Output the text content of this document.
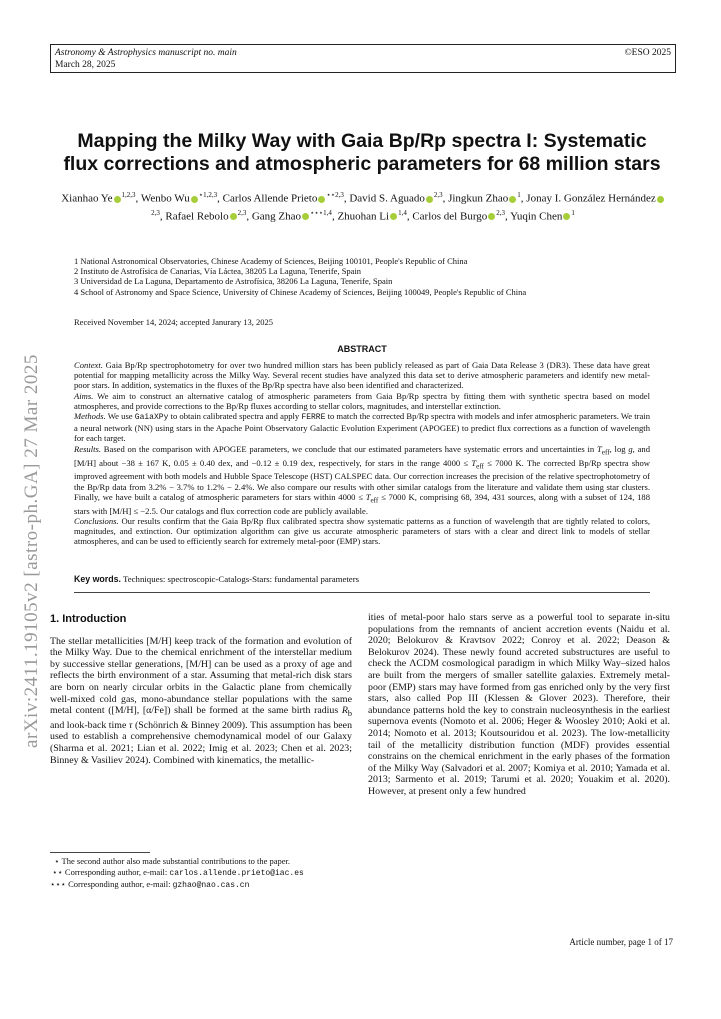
Astronomy & Astrophysics manuscript no. main
March 28, 2025
©ESO 2025
arXiv:2411.19105v2 [astro-ph.GA] 27 Mar 2025
Mapping the Milky Way with Gaia Bp/Rp spectra I: Systematic flux corrections and atmospheric parameters for 68 million stars
Xianhao Ye $^{1,2,3}$, Wenbo Wu $^{⋆1,2,3}$, Carlos Allende Prieto $^{⋆⋆2,3}$, David S. Aguado $^{2,3}$, Jingkun Zhao $^1$, Jonay I. González Hernández$^{2,3}$, Rafael Rebolo $^{2,3}$, Gang Zhao $^{⋆⋆⋆1,4}$, Zhuohan Li $^{1,4}$, Carlos del Burgo $^{2,3}$, Yuqin Chen $^1$
1 National Astronomical Observatories, Chinese Academy of Sciences, Beijing 100101, People's Republic of China
2 Instituto de Astrofísica de Canarias, Vía Láctea, 38205 La Laguna, Tenerife, Spain
3 Universidad de La Laguna, Departamento de Astrofísica, 38206 La Laguna, Tenerife, Spain
4 School of Astronomy and Space Science, University of Chinese Academy of Sciences, Beijing 100049, People's Republic of China
Received November 14, 2024; accepted Janurary 13, 2025
ABSTRACT

Context. Gaia Bp/Rp spectrophotometry for over two hundred million stars has been publicly released as part of Gaia Data Release 3 (DR3). These data have great potential for mapping metallicity across the Milky Way. Several recent studies have analyzed this data set to derive atmospheric parameters and identify new metal-poor stars. In addition, systematics in the fluxes of the Bp/Rp spectra have also been identified and characterized.

Aims. We aim to construct an alternative catalog of atmospheric parameters from Gaia Bp/Rp spectra by fitting them with synthetic spectra based on model atmospheres, and provide corrections to the Bp/Rp fluxes according to stellar colors, magnitudes, and interstellar extinction.

Methods. We use GaiaXPy to obtain calibrated spectra and apply FERRE to match the corrected Bp/Rp spectra with models and infer atmospheric parameters. We train a neural network (NN) using stars in the Apache Point Observatory Galactic Evolution Experiment (APOGEE) to predict flux corrections as a function of wavelength for each target.

Results. Based on the comparison with APOGEE parameters, we conclude that our estimated parameters have systematic errors and uncertainties in $T_{eff}$, log g, and [M/H] about −38 ± 167 K, 0.05 ± 0.40 dex, and −0.12 ± 0.19 dex, respectively, for stars in the range $4000 \le T_{eff} \le 7000$ K. The corrected Bp/Rp spectra show improved agreement with both models and Hubble Space Telescope (HST) CALSPEC data. Our correction increases the precision of the relative spectrophotometry of the Bp/Rp data from 3.2% − 3.7% to 1.2% − 2.4%. We also compare our results with other similar catalogs from the literature and validate them using star clusters. Finally, we have built a catalog of atmospheric parameters for stars within $4000 \le T_{eff} \le 7000$ K, comprising 68, 394, 431 sources, along with a subset of 124, 188 stars with [M/H] ≤ −2.5. Our catalogs and flux correction code are publicly available.

Conclusions. Our results confirm that the Gaia Bp/Rp flux calibrated spectra show systematic patterns as a function of wavelength that are tightly related to colors, magnitudes, and extinction. Our optimization algorithm can give us accurate atmospheric parameters of stars with a clear and direct link to models of stellar atmospheres, and can be used to efficiently search for extremely metal-poor (EMP) stars.

Key words. Techniques: spectroscopic-Catalogs-Stars: fundamental parameters
1. Introduction

The stellar metallicities [M/H] keep track of the formation and evolution of the Milky Way. Due to the chemical enrichment of the interstellar medium by successive stellar generations, [M/H] can be used as a proxy of age and reflects the birth environment of a star. Assuming that metal-rich disk stars are born on nearly circular orbits in the Galactic plane from chemically well-mixed cold gas, mono-abundance stellar populations with the same metal content ([M/H], [α/Fe]) shall be formed at the same birth radius $R_b$ and look-back time τ (Schönrich & Binney 2009). This assumption has been used to establish a comprehensive chemodynamical model of our Galaxy (Sharma et al. 2021; Lian et al. 2022; Imig et al. 2023; Chen et al. 2023; Binney & Vasiliev 2024). Combined with kinematics, the metallic-

ities of metal-poor halo stars serve as a powerful tool to separate in-situ populations from the remnants of ancient accretion events (Naidu et al. 2020; Belokurov & Kravtsov 2022; Conroy et al. 2022; Deason & Belokurov 2024). These newly found accreted substructures are useful to check the ΛCDM cosmological paradigm in which Milky Way–sized halos are built from the mergers of smaller satellite galaxies. Extremely metal-poor (EMP) stars may have formed from gas enriched only by the very first stars, also called Pop III (Klessen & Glover 2023). Therefore, their abundance patterns hold the key to constrain nucleosynthesis in the earliest supernova events (Nomoto et al. 2006; Heger & Woosley 2010; Aoki et al. 2014; Nomoto et al. 2013; Koutsouridou et al. 2023). The low-metallicity tail of the metallicity distribution function (MDF) provides essential constrains on the chemical enrichment in the early phases of the formation of the Milky Way (Salvadori et al. 2007; Komiya et al. 2010; Yamada et al. 2013; Sarmento et al. 2019; Tarumi et al. 2020; Youakim et al. 2020). However, at present only a few hundred

⋆ The second author also made substantial contributions to the paper.
⋆⋆ Corresponding author, e-mail: carlos.allende.prieto@iac.es
⋆⋆⋆ Corresponding author, e-mail: gzhao@nao.cas.cn
Article number, page 1 of 17
